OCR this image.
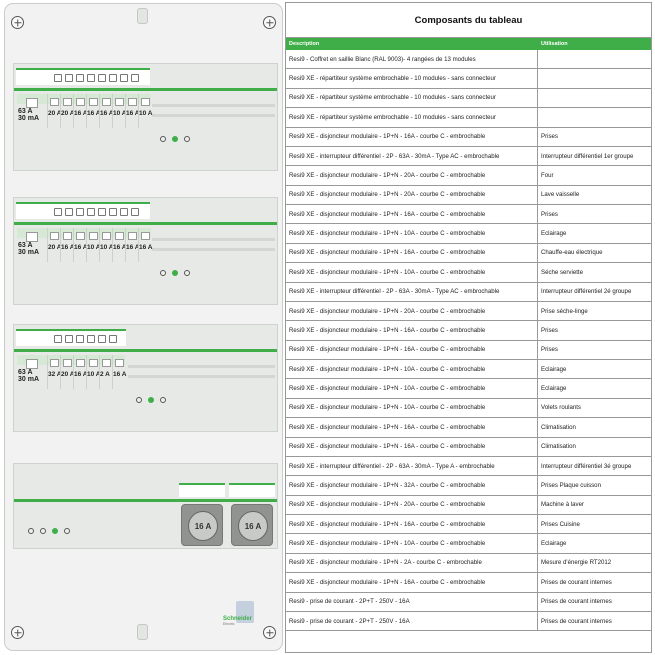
63 A
30 mA
20 A 20 A 16 A 16 A 16 A 10 A 16 A 10 A
63 A
30 mA
20 A 16 A 16 A 10 A 10 A 16 A 16 A 16 A
63 A
30 mA
32 A 20 A 16 A 10 A 2 A 16 A
16 A	16 A
Schneider
Electric
Composants du tableau
Description	Utilisation
Resi9 - Coffret en saillie Blanc (RAL 9003)- 4 rangées de 13 modules
Resi9 XE - répartiteur système embrochable - 10 modules - sans connecteur
Resi9 XE - répartiteur système embrochable - 10 modules - sans connecteur
Resi9 XE - répartiteur système embrochable - 10 modules - sans connecteur
Resi9 XE - disjoncteur modulaire - 1P+N - 16A - courbe C - embrochable	Prises
Resi9 XE - interrupteur différentiel - 2P - 63A - 30mA - Type AC - embrochable	Interrupteur différentiel 1er groupe
Resi9 XE - disjoncteur modulaire - 1P+N - 20A - courbe C - embrochable	Four
Resi9 XE - disjoncteur modulaire - 1P+N - 20A - courbe C - embrochable	Lave vaisselle
Resi9 XE - disjoncteur modulaire - 1P+N - 16A - courbe C - embrochable	Prises
Resi9 XE - disjoncteur modulaire - 1P+N - 10A - courbe C - embrochable	Eclairage
Resi9 XE - disjoncteur modulaire - 1P+N - 16A - courbe C - embrochable	Chauffe-eau électrique
Resi9 XE - disjoncteur modulaire - 1P+N - 10A - courbe C - embrochable	Séche serviette
Resi9 XE - interrupteur différentiel - 2P - 63A - 30mA - Type AC - embrochable	Interrupteur différentiel 2é groupe
Resi9 XE - disjoncteur modulaire - 1P+N - 20A - courbe C - embrochable	Prise séche-linge
Resi9 XE - disjoncteur modulaire - 1P+N - 16A - courbe C - embrochable	Prises
Resi9 XE - disjoncteur modulaire - 1P+N - 16A - courbe C - embrochable	Prises
Resi9 XE - disjoncteur modulaire - 1P+N - 10A - courbe C - embrochable	Eclairage
Resi9 XE - disjoncteur modulaire - 1P+N - 10A - courbe C - embrochable	Eclairage
Resi9 XE - disjoncteur modulaire - 1P+N - 10A - courbe C - embrochable	Volets roulants
Resi9 XE - disjoncteur modulaire - 1P+N - 16A - courbe C - embrochable	Climatisation
Resi9 XE - disjoncteur modulaire - 1P+N - 16A - courbe C - embrochable	Climatisation
Resi9 XE - interrupteur différentiel - 2P - 63A - 30mA - Type A - embrochable	Interrupteur différentiel 3é groupe
Resi9 XE - disjoncteur modulaire - 1P+N - 32A - courbe C - embrochable	Prises Plaque cuisson
Resi9 XE - disjoncteur modulaire - 1P+N - 20A - courbe C - embrochable	Machine à laver
Resi9 XE - disjoncteur modulaire - 1P+N - 16A - courbe C - embrochable	Prises Cuisine
Resi9 XE - disjoncteur modulaire - 1P+N - 10A - courbe C - embrochable	Eclairage
Resi9 XE - disjoncteur modulaire - 1P+N - 2A - courbe C - embrochable	Mesure d'énergie RT2012
Resi9 XE - disjoncteur modulaire - 1P+N - 16A - courbe C - embrochable	Prises de courant internes
Resi9 - prise de courant - 2P+T - 250V - 16A	Prises de courant internes
Resi9 - prise de courant - 2P+T - 250V - 16A	Prises de courant internes
